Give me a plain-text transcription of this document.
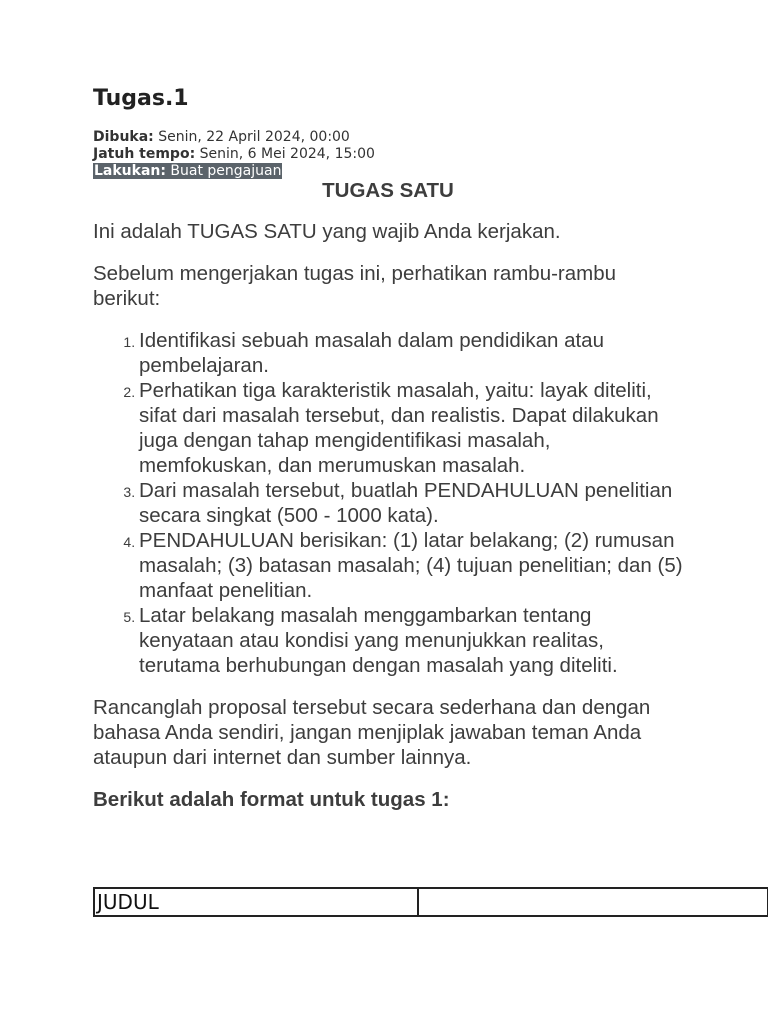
Tugas.1
Dibuka: Senin, 22 April 2024, 00:00
Jatuh tempo: Senin, 6 Mei 2024, 15:00
Lakukan: Buat pengajuan

TUGAS SATU

Ini adalah TUGAS SATU yang wajib Anda kerjakan.

Sebelum mengerjakan tugas ini, perhatikan rambu-rambu berikut:

1. Identifikasi sebuah masalah dalam pendidikan atau pembelajaran.
2. Perhatikan tiga karakteristik masalah, yaitu: layak diteliti, sifat dari masalah tersebut, dan realistis. Dapat dilakukan juga dengan tahap mengidentifikasi masalah, memfokuskan, dan merumuskan masalah.
3. Dari masalah tersebut, buatlah PENDAHULUAN penelitian secara singkat (500 - 1000 kata).
4. PENDAHULUAN berisikan: (1) latar belakang; (2) rumusan masalah; (3) batasan masalah; (4) tujuan penelitian; dan (5) manfaat penelitian.
5. Latar belakang masalah menggambarkan tentang kenyataan atau kondisi yang menunjukkan realitas, terutama berhubungan dengan masalah yang diteliti.

Rancanglah proposal tersebut secara sederhana dan dengan bahasa Anda sendiri, jangan menjiplak jawaban teman Anda ataupun dari internet dan sumber lainnya.

Berikut adalah format untuk tugas 1:

JUDUL	
